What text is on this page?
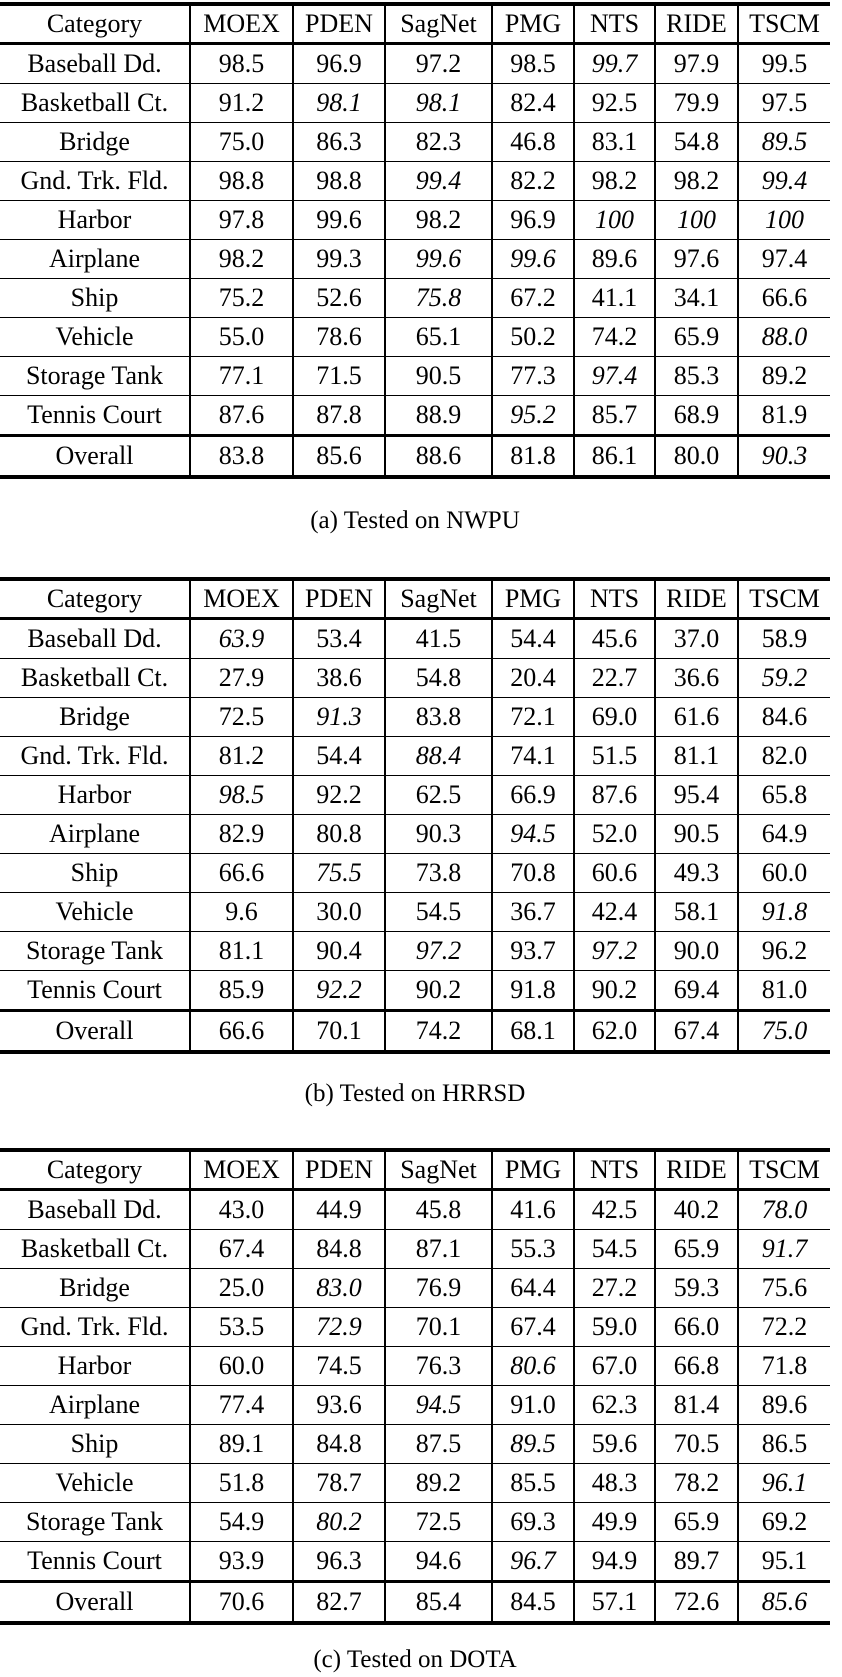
Category	MOEX	PDEN	SagNet	PMG	NTS	RIDE	TSCM
Baseball Dd.	98.5	96.9	97.2	98.5	99.7	97.9	99.5
Basketball Ct.	91.2	98.1	98.1	82.4	92.5	79.9	97.5
Bridge	75.0	86.3	82.3	46.8	83.1	54.8	89.5
Gnd. Trk. Fld.	98.8	98.8	99.4	82.2	98.2	98.2	99.4
Harbor	97.8	99.6	98.2	96.9	100	100	100
Airplane	98.2	99.3	99.6	99.6	89.6	97.6	97.4
Ship	75.2	52.6	75.8	67.2	41.1	34.1	66.6
Vehicle	55.0	78.6	65.1	50.2	74.2	65.9	88.0
Storage Tank	77.1	71.5	90.5	77.3	97.4	85.3	89.2
Tennis Court	87.6	87.8	88.9	95.2	85.7	68.9	81.9
Overall	83.8	85.6	88.6	81.8	86.1	80.0	90.3
(a) Tested on NWPU
Category	MOEX	PDEN	SagNet	PMG	NTS	RIDE	TSCM
Baseball Dd.	63.9	53.4	41.5	54.4	45.6	37.0	58.9
Basketball Ct.	27.9	38.6	54.8	20.4	22.7	36.6	59.2
Bridge	72.5	91.3	83.8	72.1	69.0	61.6	84.6
Gnd. Trk. Fld.	81.2	54.4	88.4	74.1	51.5	81.1	82.0
Harbor	98.5	92.2	62.5	66.9	87.6	95.4	65.8
Airplane	82.9	80.8	90.3	94.5	52.0	90.5	64.9
Ship	66.6	75.5	73.8	70.8	60.6	49.3	60.0
Vehicle	9.6	30.0	54.5	36.7	42.4	58.1	91.8
Storage Tank	81.1	90.4	97.2	93.7	97.2	90.0	96.2
Tennis Court	85.9	92.2	90.2	91.8	90.2	69.4	81.0
Overall	66.6	70.1	74.2	68.1	62.0	67.4	75.0
(b) Tested on HRRSD
Category	MOEX	PDEN	SagNet	PMG	NTS	RIDE	TSCM
Baseball Dd.	43.0	44.9	45.8	41.6	42.5	40.2	78.0
Basketball Ct.	67.4	84.8	87.1	55.3	54.5	65.9	91.7
Bridge	25.0	83.0	76.9	64.4	27.2	59.3	75.6
Gnd. Trk. Fld.	53.5	72.9	70.1	67.4	59.0	66.0	72.2
Harbor	60.0	74.5	76.3	80.6	67.0	66.8	71.8
Airplane	77.4	93.6	94.5	91.0	62.3	81.4	89.6
Ship	89.1	84.8	87.5	89.5	59.6	70.5	86.5
Vehicle	51.8	78.7	89.2	85.5	48.3	78.2	96.1
Storage Tank	54.9	80.2	72.5	69.3	49.9	65.9	69.2
Tennis Court	93.9	96.3	94.6	96.7	94.9	89.7	95.1
Overall	70.6	82.7	85.4	84.5	57.1	72.6	85.6
(c) Tested on DOTA
